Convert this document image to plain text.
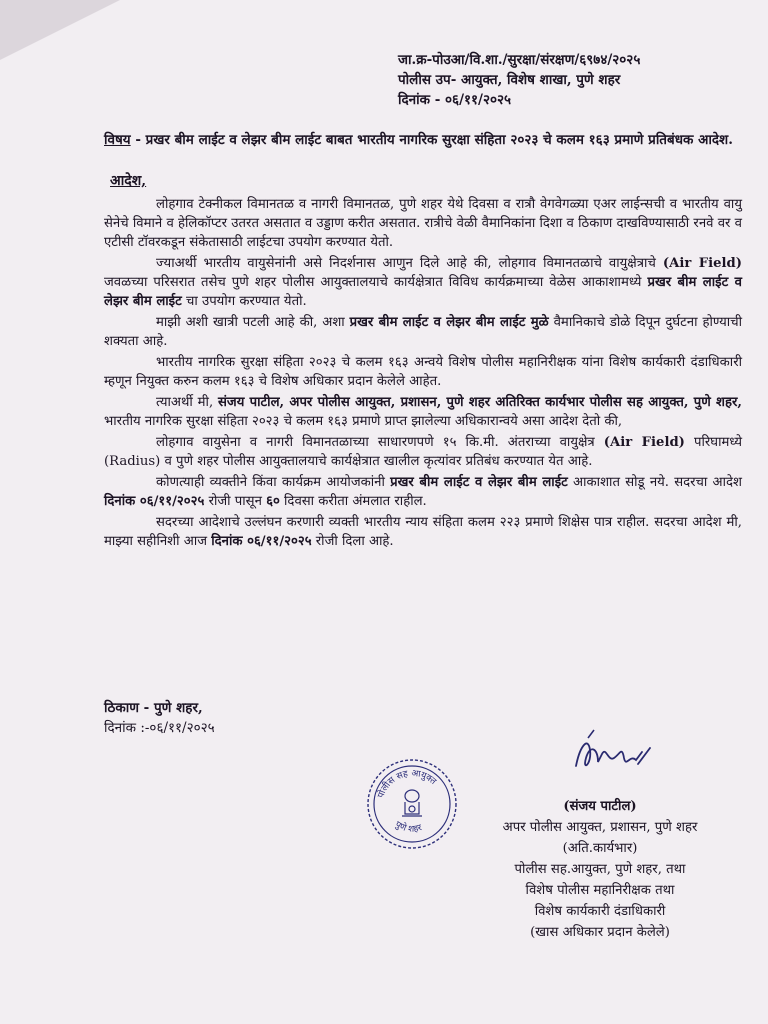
जा.क्र-पोउआ/वि.शा./सुरक्षा/संरक्षण/६९७४/२०२५
पोलीस उप- आयुक्त, विशेष शाखा, पुणे शहर
दिनांक - ०६/११/२०२५
विषय - प्रखर बीम लाईट व लेझर बीम लाईट बाबत भारतीय नागरिक सुरक्षा संहिता २०२३ चे कलम १६३ प्रमाणे प्रतिबंधक आदेश.
आदेश,

लोहगाव टेक्नीकल विमानतळ व नागरी विमानतळ, पुणे शहर येथे दिवसा व रात्रौ वेगवेगळ्या एअर लाईन्सची व भारतीय वायु सेनेचे विमाने व हेलिकॉप्टर उतरत असतात व उड्डाण करीत असतात. रात्रीचे वेळी वैमानिकांना दिशा व ठिकाण दाखविण्यासाठी रनवे वर व एटीसी टॉवरकडून संकेतासाठी लाईटचा उपयोग करण्यात येतो.

ज्याअर्थी भारतीय वायुसेनांनी असे निदर्शनास आणुन दिले आहे की, लोहगाव विमानतळाचे वायुक्षेत्राचे (Air Field) जवळच्या परिसरात तसेच पुणे शहर पोलीस आयुक्तालयाचे कार्यक्षेत्रात विविध कार्यक्रमाच्या वेळेस आकाशामध्ये प्रखर बीम लाईट व लेझर बीम लाईट चा उपयोग करण्यात येतो.

माझी अशी खात्री पटली आहे की, अशा प्रखर बीम लाईट व लेझर बीम लाईट मुळे वैमानिकाचे डोळे दिपून दुर्घटना होण्याची शक्यता आहे.

भारतीय नागरिक सुरक्षा संहिता २०२३ चे कलम १६३ अन्वये विशेष पोलीस महानिरीक्षक यांना विशेष कार्यकारी दंडाधिकारी म्हणून नियुक्त करुन कलम १६३ चे विशेष अधिकार प्रदान केलेले आहेत.

त्याअर्थी मी, संजय पाटील, अपर पोलीस आयुक्त, प्रशासन, पुणे शहर अतिरिक्त कार्यभार पोलीस सह आयुक्त, पुणे शहर, भारतीय नागरिक सुरक्षा संहिता २०२३ चे कलम १६३ प्रमाणे प्राप्त झालेल्या अधिकारान्वये असा आदेश देतो की,

लोहगाव वायुसेना व नागरी विमानतळाच्या साधारणपणे १५ कि.मी. अंतराच्या वायुक्षेत्र (Air Field) परिघामध्ये (Radius) व पुणे शहर पोलीस आयुक्तालयाचे कार्यक्षेत्रात खालील कृत्यांवर प्रतिबंध करण्यात येत आहे.

कोणत्याही व्यक्तीने किंवा कार्यक्रम आयोजकांनी प्रखर बीम लाईट व लेझर बीम लाईट आकाशात सोडू नये. सदरचा आदेश दिनांक ०६/११/२०२५ रोजी पासून ६० दिवसा करीता अंमलात राहील.

सदरच्या आदेशाचे उल्लंघन करणारी व्यक्ती भारतीय न्याय संहिता कलम २२३ प्रमाणे शिक्षेस पात्र राहील. सदरचा आदेश मी, माझ्या सहीनिशी आज दिनांक ०६/११/२०२५ रोजी दिला आहे.

ठिकाण - पुणे शहर,
दिनांक :-०६/११/२०२५
पोलीस सह आयुक्त
पुणे शहर
(संजय पाटील)
अपर पोलीस आयुक्त, प्रशासन, पुणे शहर
(अति.कार्यभार)
पोलीस सह.आयुक्त, पुणे शहर, तथा
विशेष पोलीस महानिरीक्षक तथा
विशेष कार्यकारी दंडाधिकारी
(खास अधिकार प्रदान केलेले)
